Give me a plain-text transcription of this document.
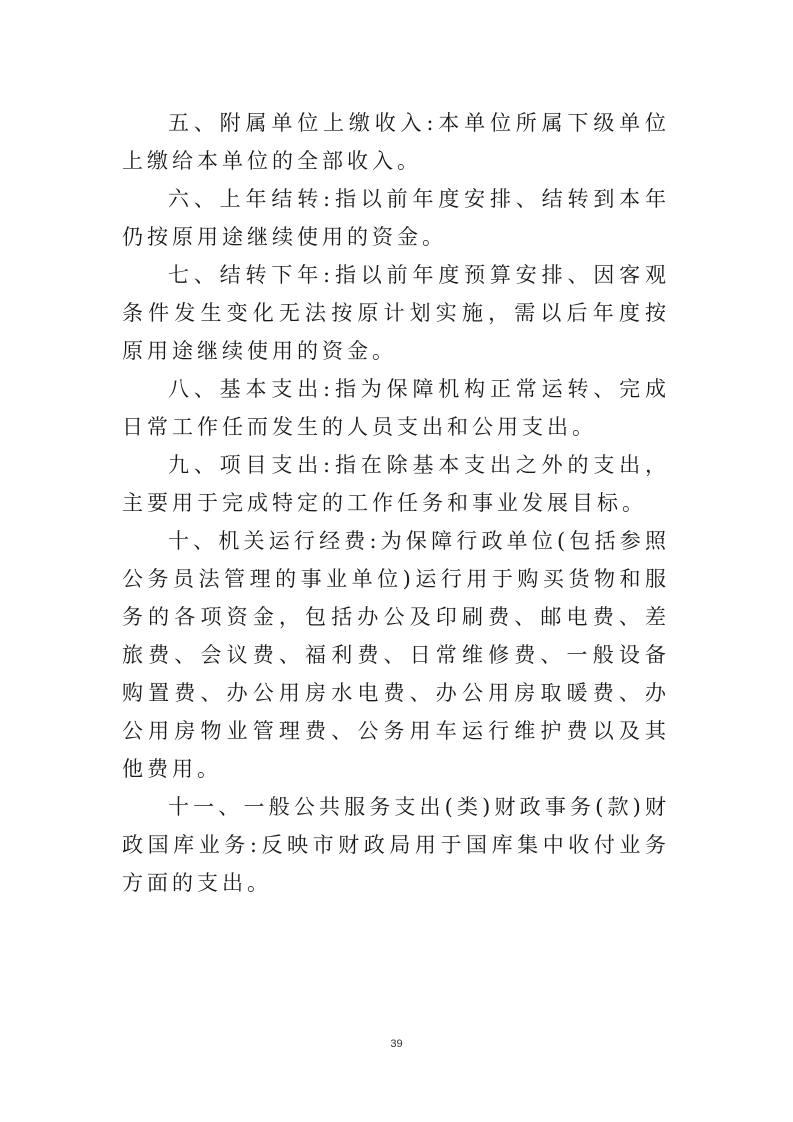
五、附属单位上缴收入:本单位所属下级单位上缴给本单位的全部收入。

六、上年结转:指以前年度安排、结转到本年仍按原用途继续使用的资金。

七、结转下年:指以前年度预算安排、因客观条件发生变化无法按原计划实施，需以后年度按原用途继续使用的资金。

八、基本支出:指为保障机构正常运转、完成日常工作任而发生的人员支出和公用支出。

九、项目支出:指在除基本支出之外的支出，主要用于完成特定的工作任务和事业发展目标。

十、机关运行经费:为保障行政单位(包括参照公务员法管理的事业单位)运行用于购买货物和服务的各项资金，包括办公及印刷费、邮电费、差旅费、会议费、福利费、日常维修费、一般设备购置费、办公用房水电费、办公用房取暖费、办公用房物业管理费、公务用车运行维护费以及其他费用。

十一、一般公共服务支出(类)财政事务(款)财政国库业务:反映市财政局用于国库集中收付业务方面的支出。

39
